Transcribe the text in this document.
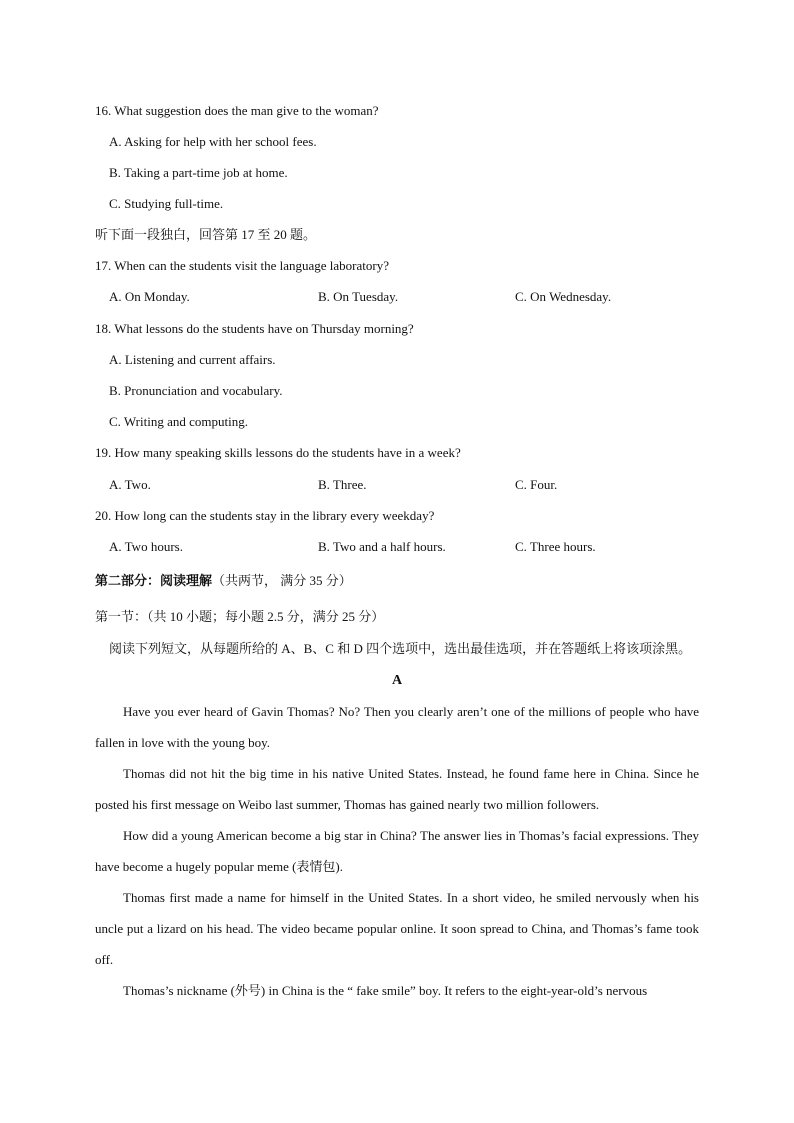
16. What suggestion does the man give to the woman?
A. Asking for help with her school fees.
B. Taking a part-time job at home.
C. Studying full-time.
听下面一段独白，回答第 17 至 20 题。
17. When can the students visit the language laboratory?
A. On Monday.	B. On Tuesday.	C. On Wednesday.
18. What lessons do the students have on Thursday morning?
A. Listening and current affairs.
B. Pronunciation and vocabulary.
C. Writing and computing.
19. How many speaking skills lessons do the students have in a week?
A. Two.	B. Three.	C. Four.
20. How long can the students stay in the library every weekday?
A. Two hours.	B. Two and a half hours.	C. Three hours.
第二部分：阅读理解（共两节， 满分 35 分）
第一节：（共 10 小题；每小题 2.5 分，满分 25 分）
阅读下列短文，从每题所给的 A、B、C 和 D 四个选项中，选出最佳选项，并在答题纸上将该项涂黑。
A

Have you ever heard of Gavin Thomas? No? Then you clearly aren’t one of the millions of people who have fallen in love with the young boy.

Thomas did not hit the big time in his native United States. Instead, he found fame here in China. Since he posted his first message on Weibo last summer, Thomas has gained nearly two million followers.

How did a young American become a big star in China? The answer lies in Thomas’s facial expressions. They have become a hugely popular meme (表情包).

Thomas first made a name for himself in the United States. In a short video, he smiled nervously when his uncle put a lizard on his head. The video became popular online. It soon spread to China, and Thomas’s fame took off.

Thomas’s nickname (外号) in China is the “ fake smile” boy. It refers to the eight-year-old’s nervous
